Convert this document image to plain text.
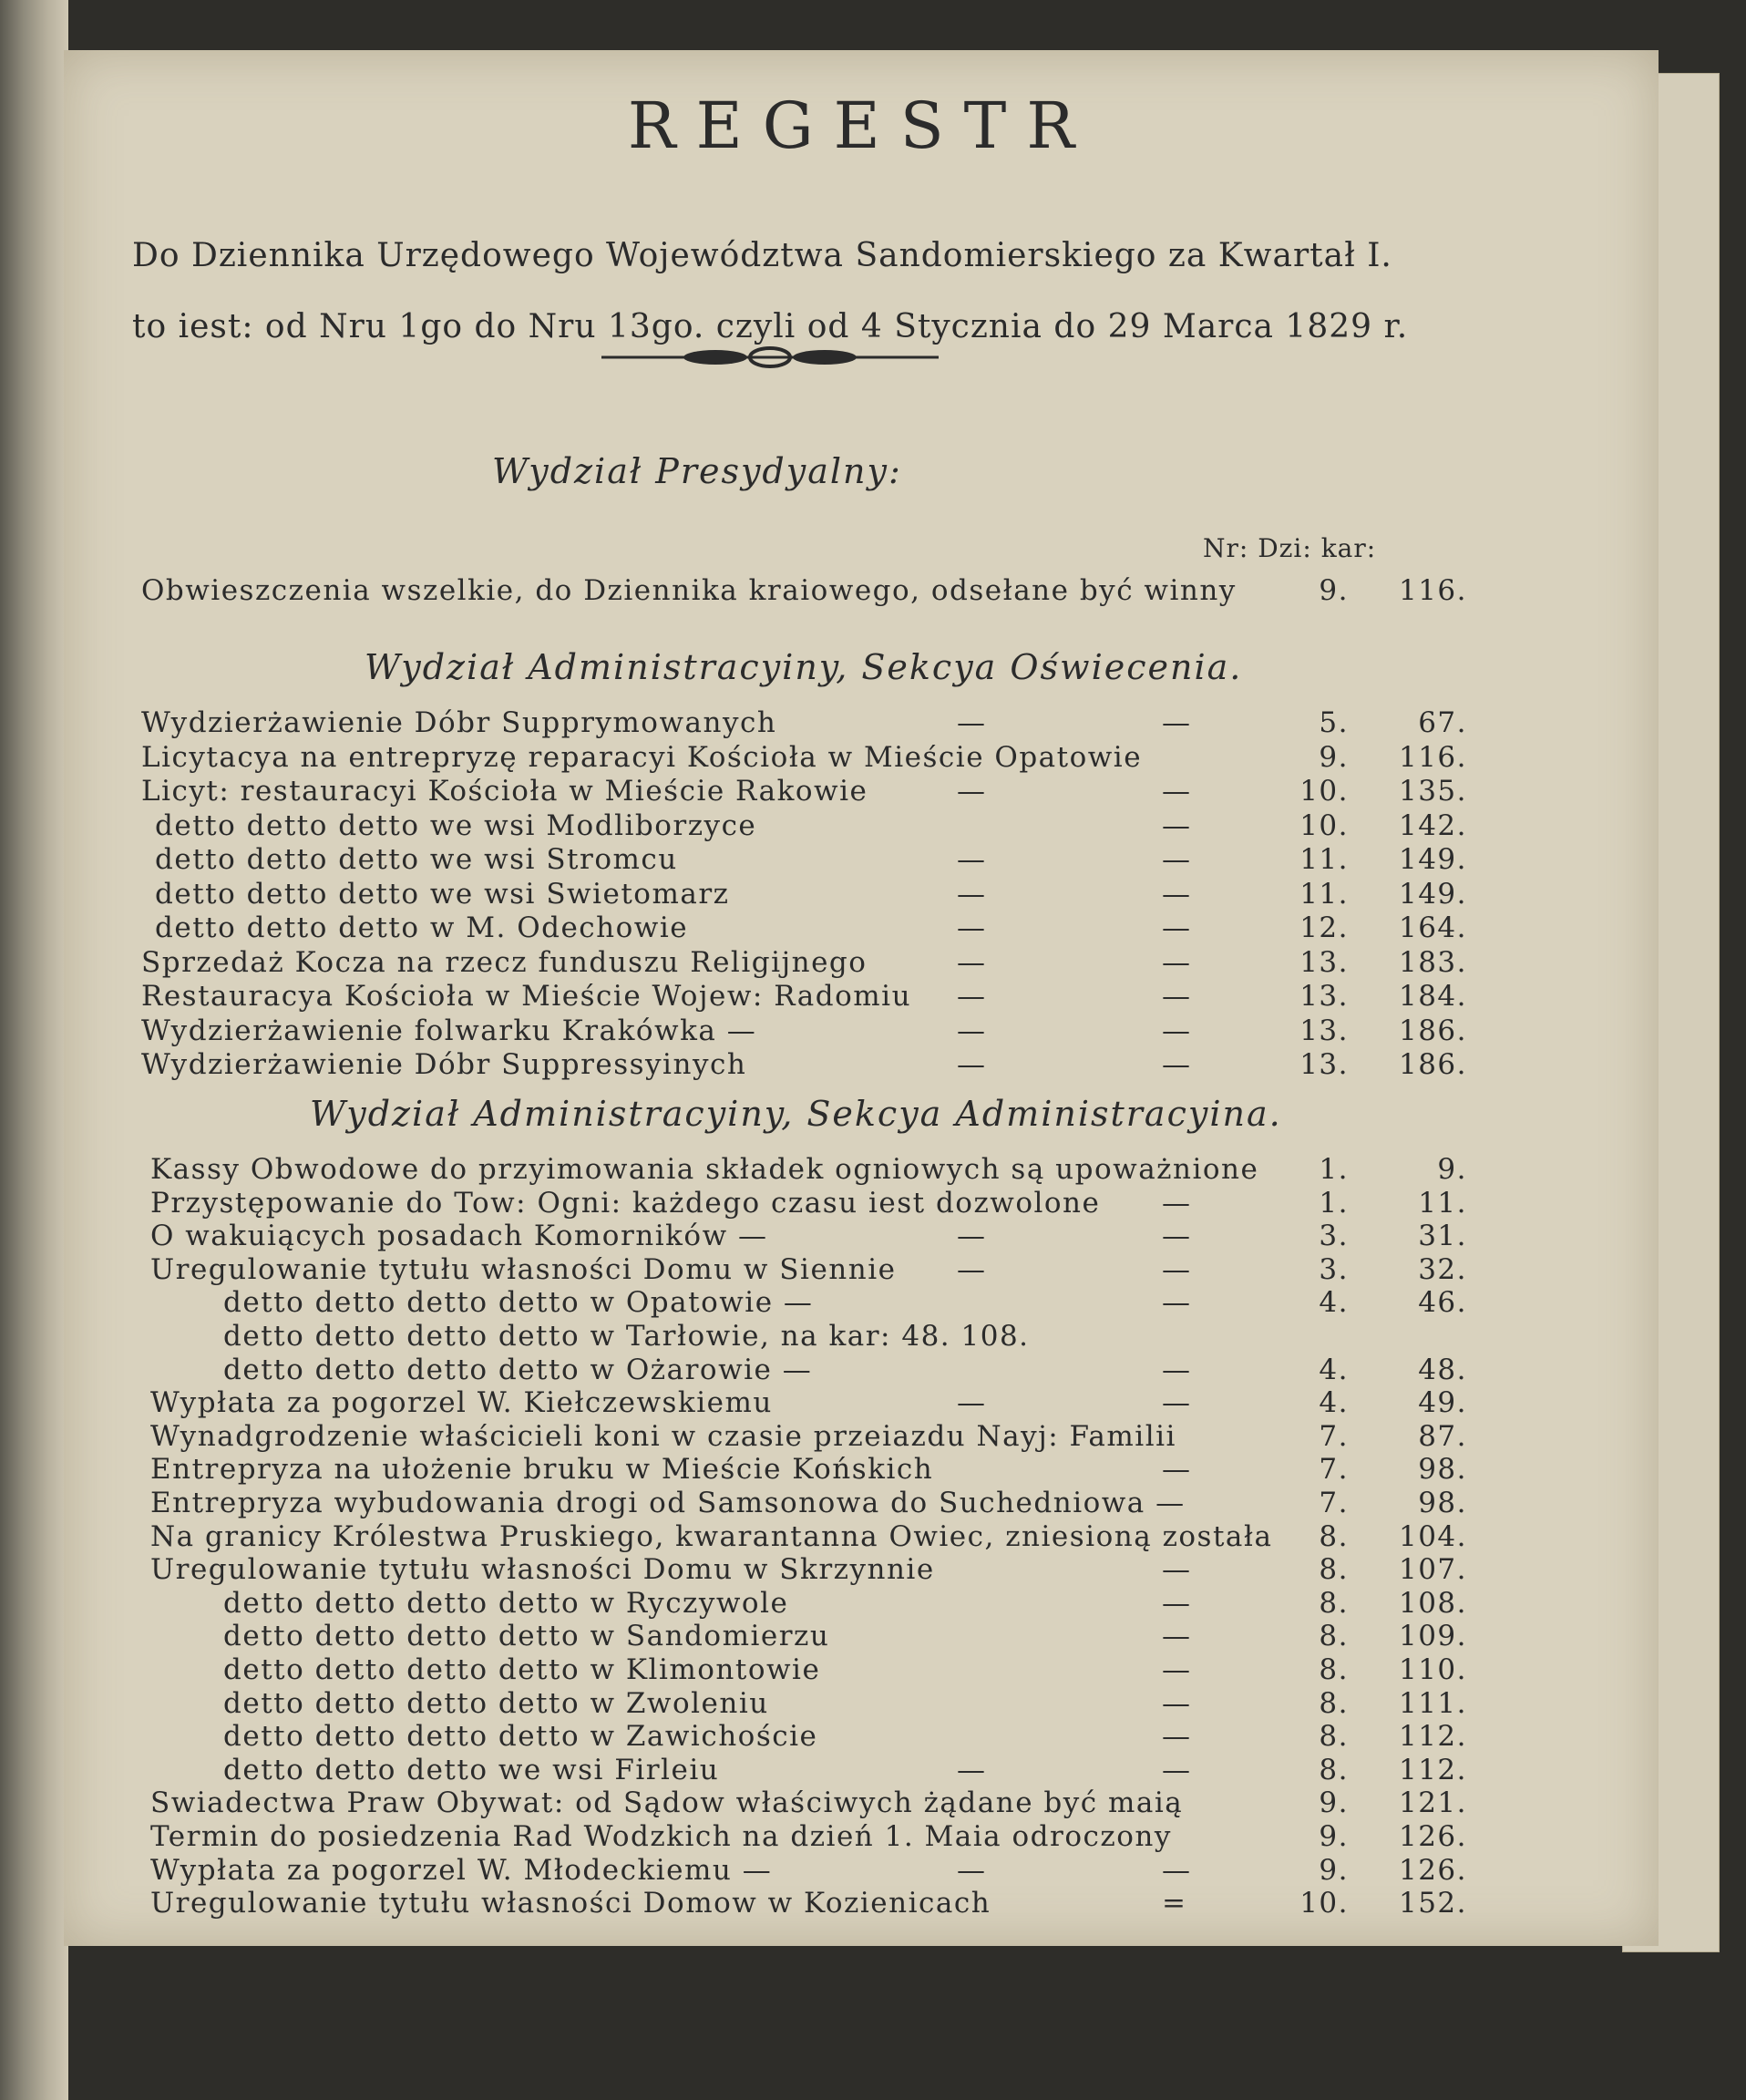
REGESTR
Do Dziennika Urzędowego Województwa Sandomierskiego za Kwartał I.
to iest: od Nru 1go do Nru 13go. czyli od 4 Stycznia do 29 Marca 1829 r.
Nr: Dzi: kar:
Wydział Presydyalny:
Obwieszczenia wszelkie, do Dziennika kraiowego, odsełane być winny	9.	116.
Wydział Administracyiny, Sekcya Oświecenia.
Wydzierżawienie Dóbr Supprymowanych	—	—	5.	67.
Licytacya na entrepryzę reparacyi Kościoła w Mieście Opatowie	9.	116.
Licyt: restauracyi Kościoła w Mieście Rakowie	—	—	10.	135.
detto detto detto we wsi Modliborzyce	—	10.	142.
detto detto detto we wsi Stromcu	—	—	11.	149.
detto detto detto we wsi Swietomarz	—	—	11.	149.
detto detto detto w M. Odechowie	—	—	12.	164.
Sprzedaż Kocza na rzecz funduszu Religijnego	—	—	13.	183.
Restauracya Kościoła w Mieście Wojew: Radomiu —	—	13.	184.
Wydzierżawienie folwarku Krakówka —	—	—	13.	186.
Wydzierżawienie Dóbr Suppressyinych	—	—	13.	186.
Wydział Administracyiny, Sekcya Administracyina.
Kassy Obwodowe do przyimowania składek ogniowych są upoważnione	1.	9.
Przystępowanie do Tow: Ogni: każdego czasu iest dozwolone —	1.	11.
O wakuiących posadach Komorników —	—	—	3.	31.
Uregulowanie tytułu własności Domu w Siennie —	—	3.	32.
detto detto detto detto w Opatowie —	—	4.	46.
detto detto detto detto w Tarłowie, na kar: 48. 108.
detto detto detto detto w Ożarowie —	—	4.	48.
Wypłata za pogorzel W. Kiełczewskiemu	—	—	4.	49.
Wynadgrodzenie właścicieli koni w czasie przeiazdu Nayj: Familii	7.	87.
Entrepryza na ułożenie bruku w Mieście Końskich	—	7.	98.
Entrepryza wybudowania drogi od Samsonowa do Suchedniowa —	7.	98.
Na granicy Królestwa Pruskiego, kwarantanna Owiec, zniesioną została	8.	104.
Uregulowanie tytułu własności Domu w Skrzynnie	—	8.	107.
detto detto detto detto w Ryczywole	—	8.	108.
detto detto detto detto w Sandomierzu	—	8.	109.
detto detto detto detto w Klimontowie	—	8.	110.
detto detto detto detto w Zwoleniu	—	8.	111.
detto detto detto detto w Zawichoście	—	8.	112.
detto detto detto we wsi Firleiu	—	—	8.	112.
Swiadectwa Praw Obywat: od Sądow właściwych żądane być maią	9.	121.
Termin do posiedzenia Rad Wodzkich na dzień 1. Maia odroczony	9.	126.
Wypłata za pogorzel W. Młodeckiemu —	—	—	9.	126.
Uregulowanie tytułu własności Domow w Kozienicach	=	10.	152.
